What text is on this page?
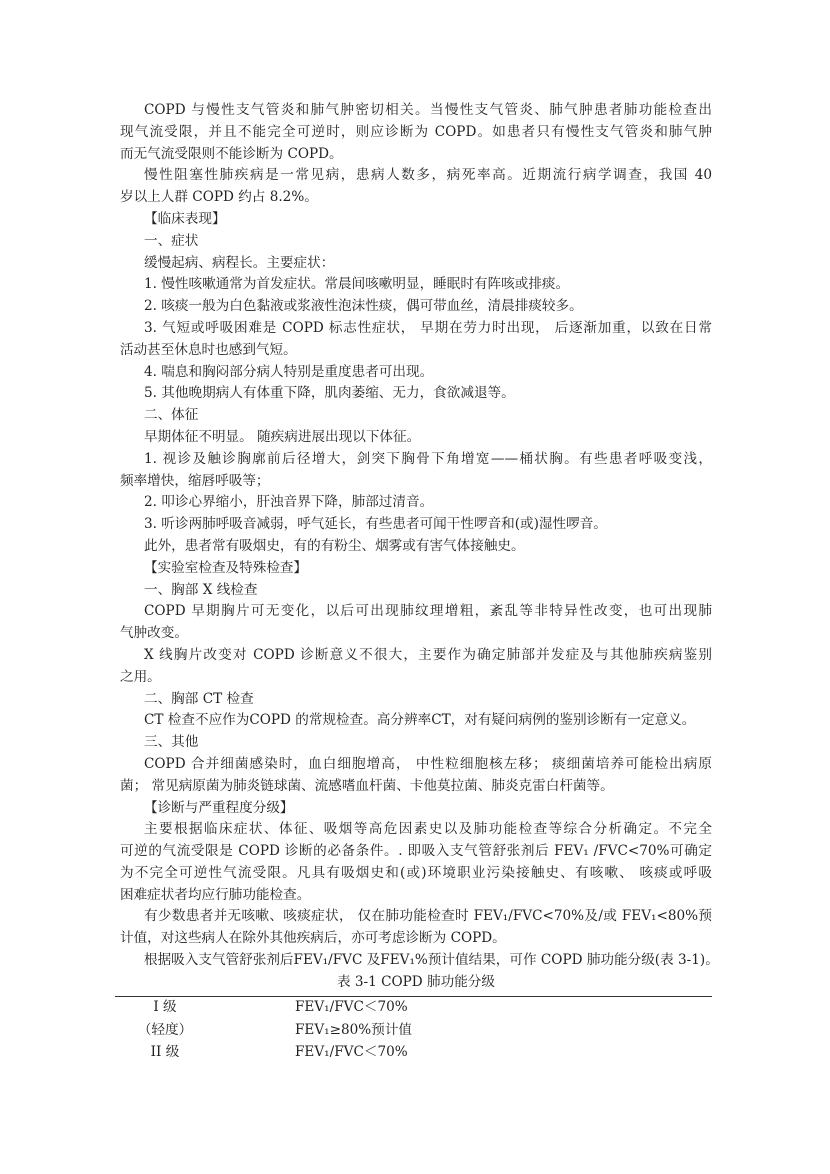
COPD 与慢性支气管炎和肺气肿密切相关。当慢性支气管炎、肺气肿患者肺功能检查出
现气流受限，并且不能完全可逆时，则应诊断为 COPD。如患者只有慢性支气管炎和肺气肿
而无气流受限则不能诊断为 COPD。
慢性阻塞性肺疾病是一常见病，患病人数多，病死率高。近期流行病学调查，我国 40
岁以上人群 COPD 约占 8.2%。
【临床表现】
一、症状
缓慢起病、病程长。主要症状：
1. 慢性咳嗽通常为首发症状。常晨间咳嗽明显，睡眠时有阵咳或排痰。
2. 咳痰一般为白色黏液或浆液性泡沫性痰，偶可带血丝，清晨排痰较多。
3. 气短或呼吸困难是 COPD 标志性症状， 早期在劳力时出现， 后逐渐加重，以致在日常
活动甚至休息时也感到气短。
4. 喘息和胸闷部分病人特别是重度患者可出现。
5. 其他晚期病人有体重下降，肌肉萎缩、无力，食欲减退等。
二、体征
早期体征不明显。 随疾病进展出现以下体征。
1. 视诊及触诊胸廓前后径增大，剑突下胸骨下角增宽——桶状胸。有些患者呼吸变浅，
频率增快，缩唇呼吸等；
2. 叩诊心界缩小，肝浊音界下降，肺部过清音。
3. 听诊两肺呼吸音减弱，呼气延长，有些患者可闻干性啰音和(或)湿性啰音。
此外，患者常有吸烟史，有的有粉尘、烟雾或有害气体接触史。
【实验室检查及特殊检查】
一、胸部 X 线检查
COPD 早期胸片可无变化，以后可出现肺纹理增粗，紊乱等非特异性改变，也可出现肺
气肿改变。
X 线胸片改变对 COPD 诊断意义不很大，主要作为确定肺部并发症及与其他肺疾病鉴别
之用。
二、胸部 CT 检查
CT 检查不应作为COPD 的常规检查。高分辨率CT，对有疑问病例的鉴别诊断有一定意义。
三、其他
COPD 合并细菌感染时，血白细胞增高， 中性粒细胞核左移； 痰细菌培养可能检出病原
菌； 常见病原菌为肺炎链球菌、流感嗜血杆菌、卡他莫拉菌、肺炎克雷白杆菌等。
【诊断与严重程度分级】
主要根据临床症状、体征、吸烟等高危因素史以及肺功能检查等综合分析确定。不完全
可逆的气流受限是 COPD 诊断的必备条件。. 即吸入支气管舒张剂后 FEV₁ /FVC<70%可确定
为不完全可逆性气流受限。凡具有吸烟史和(或)环境职业污染接触史、有咳嗽、 咳痰或呼吸
困难症状者均应行肺功能检查。
有少数患者并无咳嗽、咳痰症状， 仅在肺功能检查时 FEV₁/FVC<70%及/或 FEV₁<80%预
计值，对这些病人在除外其他疾病后，亦可考虑诊断为 COPD。
根据吸入支气管舒张剂后FEV₁/FVC 及FEV₁%预计值结果，可作 COPD 肺功能分级(表 3-1)。
表 3-1 COPD 肺功能分级
I 级	FEV₁/FVC＜70%
（轻度）	FEV₁≥80%预计值
II 级	FEV₁/FVC＜70%
